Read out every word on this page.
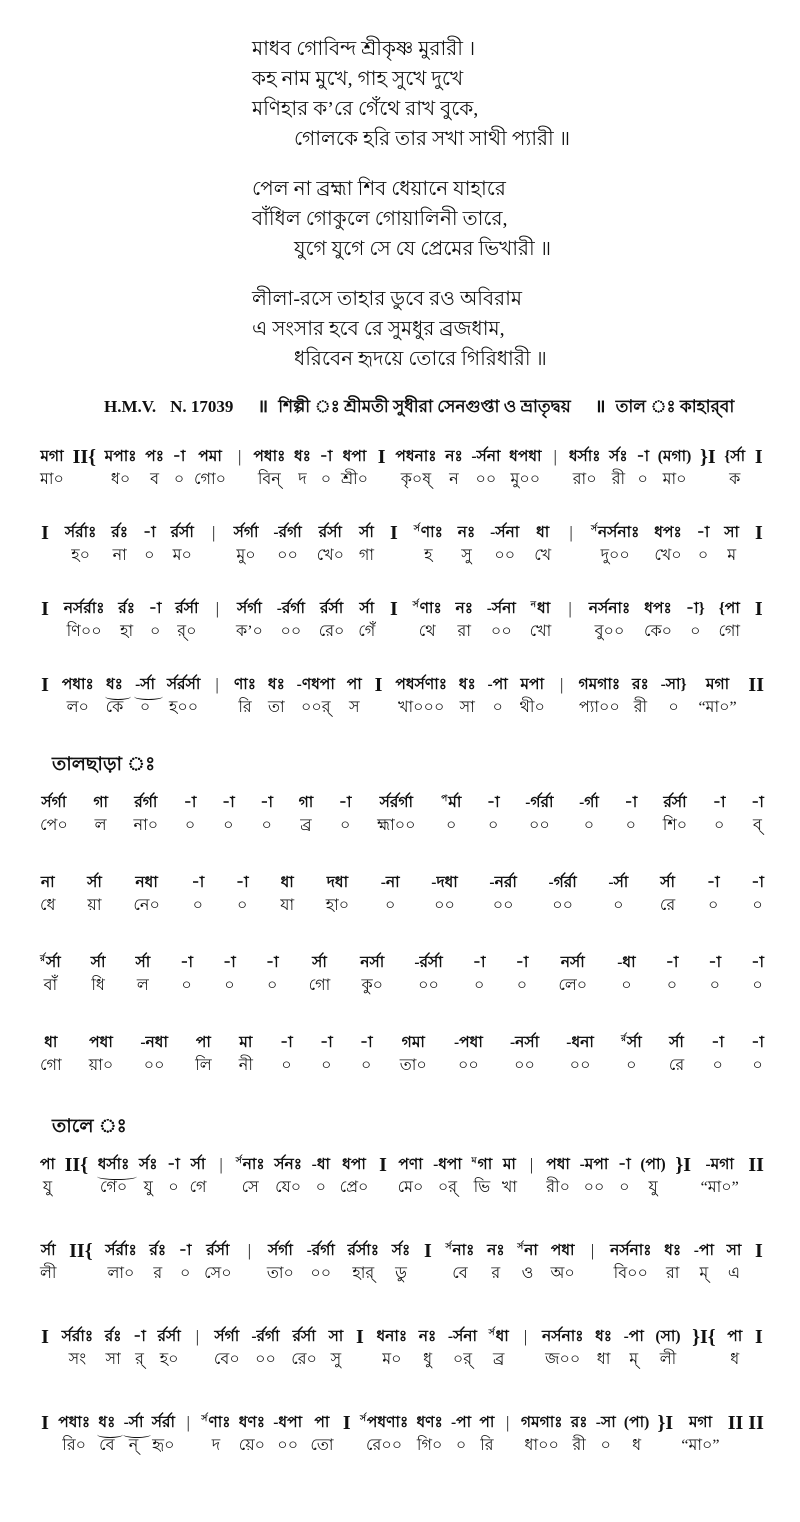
মাধব গোবিন্দ শ্রীকৃষ্ণ মুরারী ।
কহ নাম মুখে, গাহ সুখে দুখে
মণিহার ক’রে গেঁথে রাখ বুকে,
গোলকে হরি তার সখা সাথী প্যারী ॥
পেল না ব্রহ্মা শিব ধেয়ানে যাহারে
বাঁধিল গোকুলে গোয়ালিনী তারে,
যুগে যুগে সে যে প্রেমের ভিখারী ॥
লীলা-রসে তাহার ডুবে রও অবিরাম
এ সংসার হবে রে সুমধুর ব্রজধাম,
ধরিবেন হৃদয়ে তোরে গিরিধারী ॥
H.M.V. N. 17039 ॥ শিল্পী ঃ শ্রীমতী সুধীরা সেনগুপ্তা ও ভ্রাতৃদ্বয় ॥ তাল ঃ কাহার্‌বা
মগা
মা০
II{
মপাঃ
ধ০
পঃ
ব
-া
০
পমা
গো০
|
পধাঃ
বিন্
ধঃ
দ
-া
০
ধপা
শ্রী০
I
পধনাঃ
কৃ০ষ্
নঃ
ন
-র্সনা
০০
ধপধা
মু০০
|
ধর্সাঃ
রা০
র্সঃ
রী
-া
০
(মগা)
মা০
}I
{র্সা
ক
I

I
র্সর্রাঃ
হ০
র্রঃ
না
-া
০
র্রর্সা
ম০
|
র্সর্গা
মু০
-র্রর্গা
০০
র্রর্সা
খে০
র্সা
গা
I
$^{র্স}$ণাঃ
হ
নঃ
সু
-র্সনা
০০
ধা
খে
|
$^{র্স}$নর্সনাঃ
দু০০
ধপঃ
খে০
-া
০
সা
ম
I

I
নর্সর্রাঃ
ণি০০
র্রঃ
হা
-া
০
র্রর্সা
র্০
|
র্সর্গা
ক’০
-র্রর্গা
০০
র্রর্সা
রে০
র্সা
গেঁ
I
$^{র্স}$ণাঃ
থে
নঃ
রা
-র্সনা
০০
$^ন$ধা
খো
|
নর্সনাঃ
বু০০
ধপঃ
কে০
-া}
০
{পা
গো
I

I
পধাঃ
ল০
ধঃ
কে
-র্সা
০
র্সর্রর্সা
হ০০
|
ণাঃ
রি
ধঃ
তা
-ণধপা
০০র্
পা
স
I
পধর্সণাঃ
খা০০০
ধঃ
সা
-পা
০
মপা
থী০
|
গমগাঃ
প্যা০০
রঃ
রী
-সা}
০
মগা
“মা০”
II

তালছাড়া ঃ
র্সর্গা
পে০
গা
ল
র্রর্গা
না০
-া
০
-া
০
-া
০
গা
ব্র
-া
০
র্সর্রর্গা
হ্মা০০
$^প$র্মা
০
-া
০
-র্গর্রা
০০
-র্গা
০
-া
০
র্রর্সা
শি০
-া
০
-া
ব্
না
ধে
র্সা
য়া
নধা
নে০
-া
০
-া
০
ধা
যা
দধা
হা০
-না
০
-দধা
০০
-নর্রা
০০
-র্গর্রা
০০
-র্সা
০
র্সা
রে
-া
০
-া
০
$^{র্র}$র্সা
বাঁ
র্সা
ধি
র্সা
ল
-া
০
-া
০
-া
০
র্সা
গো
নর্সা
কু০
-র্রর্সা
০০
-া
০
-া
০
নর্সা
লে০
-ধা
০
-া
০
-া
০
-া
০
ধা
গো
পধা
য়া০
-নধা
০০
পা
লি
মা
নী
-া
০
-া
০
-া
০
গমা
তা০
-পধা
০০
-নর্সা
০০
-ধনা
০০
$^{র্র}$র্সা
০
র্সা
রে
-া
০
-া
০
তালে ঃ
পা
যু
II{
ধর্সাঃ
গে০
র্সঃ
যু
-া
০
র্সা
গে
|
$^{র্স}$নাঃ
সে
র্সনঃ
যে০
-ধা
০
ধপা
প্রে০
I
পণা
মে০
-ধপা
০র্
$^ম$গা
ভি
মা
খা
|
পধা
রী০
-মপা
০০
-া
০
(পা)
যু
}I
-মগা
“মা০”
II

র্সা
লী
II{
র্সর্রাঃ
লা০
র্রঃ
র
-া
০
র্রর্সা
সে০
|
র্সর্গা
তা০
-র্রর্গা
০০
র্রর্সাঃ
হার্
র্সঃ
ডু
I
$^{র্স}$নাঃ
বে
নঃ
র
$^{র্স}$না
ও
পধা
অ০
|
নর্সনাঃ
বি০০
ধঃ
রা
-পা
ম্
সা
এ
I

I
র্সর্রাঃ
সং
র্রঃ
সা
-া
র্
র্রর্সা
হ০
|
র্সর্গা
বে০
-র্রর্গা
০০
র্রর্সা
রে০
সা
সু
I
ধনাঃ
ম০
নঃ
ধু
-র্সনা
০র্
$^{র্স}$ধা
ব্র
|
নর্সনাঃ
জ০০
ধঃ
ধা
-পা
ম্
(সা)
লী
}I{
পা
ধ
I

I
পধাঃ
রি০
ধঃ
বে
-র্সা
ন্
র্সর্রা
হৃ০
|
$^{র্স}$ণাঃ
দ
ধণঃ
য়ে০
-ধপা
০০
পা
তো
I
$^{র্স}$পধণাঃ
রে০০
ধণঃ
গি০
-পা
০
পা
রি
|
গমগাঃ
ধা০০
রঃ
রী
-সা
০
(পা)
ধ
}I
মগা
“মা০”
II II
